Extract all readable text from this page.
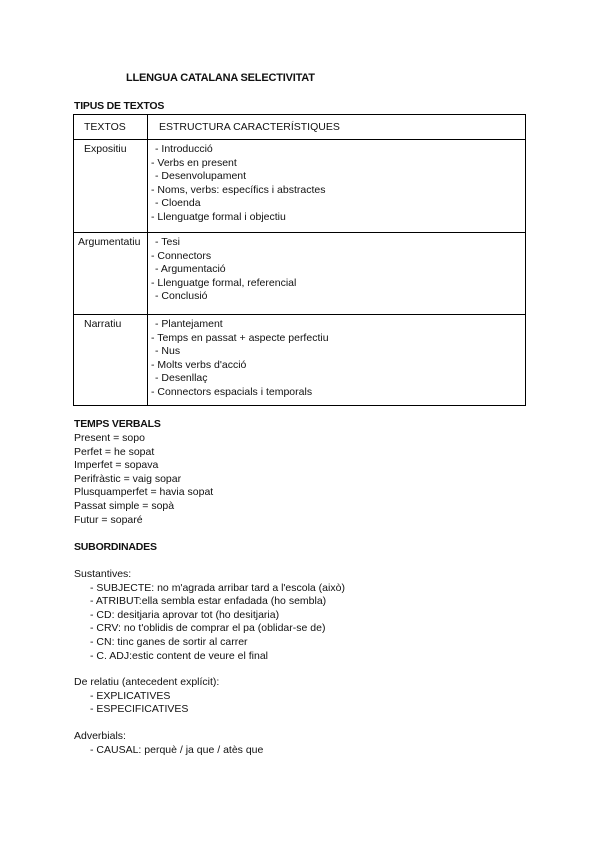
LLENGUA CATALANA SELECTIVITAT
TIPUS DE TEXTOS
TEXTOS	ESTRUCTURA CARACTERÍSTIQUES
Expositiu	- Introducció
- Verbs en present
- Desenvolupament
- Noms, verbs: específics i abstractes
- Cloenda
- Llenguatge formal i objectiu
Argumentatiu	- Tesi
- Connectors
- Argumentació
- Llenguatge formal, referencial
- Conclusió
Narratiu	- Plantejament
- Temps en passat + aspecte perfectiu
- Nus
- Molts verbs d'acció
- Desenllaç
- Connectors espacials i temporals
TEMPS VERBALS
Present = sopo
Perfet = he sopat
Imperfet = sopava
Perifràstic = vaig sopar
Plusquamperfet = havia sopat
Passat simple = sopà
Futur = soparé
SUBORDINADES
Sustantives:
- SUBJECTE: no m'agrada arribar tard a l'escola (això)
- ATRIBUT:ella sembla estar enfadada (ho sembla)
- CD: desitjaria aprovar tot (ho desitjaria)
- CRV: no t'oblidis de comprar el pa (oblidar-se de)
- CN: tinc ganes de sortir al carrer
- C. ADJ:estic content de veure el final
De relatiu (antecedent explícit):
- EXPLICATIVES
- ESPECIFICATIVES
Adverbials:
- CAUSAL: perquè / ja que / atès que
